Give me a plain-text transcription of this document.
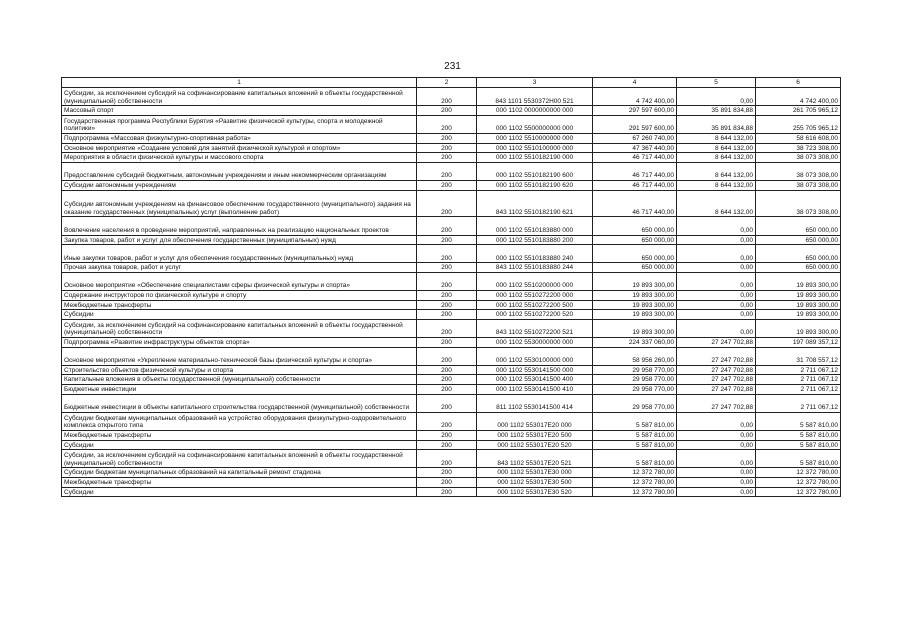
231
1	2	3	4	5	6
Субсидии, за исключением субсидий на софинансирование капитальных вложений в объекты государственной (муниципальной) собственности	200	843 1101 5530372Н00 521	4 742 400,00	0,00	4 742 400,00
Массовый спорт	200	000 1102 0000000000 000	297 597 600,00	35 891 834,88	261 705 965,12
Государственная программа Республики Бурятия «Развитие физической культуры, спорта и молодежной политики»	200	000 1102 5500000000 000	291 597 600,00	35 891 834,88	255 705 965,12
Подпрограмма «Массовая физкультурно-спортивная работа»	200	000 1102 5510000000 000	67 260 740,00	8 644 132,00	58 616 608,00
Основное мероприятие «Создание условий для занятий физической культурой и спортом»	200	000 1102 5510100000 000	47 367 440,00	8 644 132,00	38 723 308,00
Мероприятия в области физической культуры и массового спорта	200	000 1102 5510182190 000	46 717 440,00	8 644 132,00	38 073 308,00
Предоставление субсидий бюджетным, автономным учреждениям и иным некоммерческим организациям	200	000 1102 5510182190 600	46 717 440,00	8 644 132,00	38 073 308,00
Субсидии автономным учреждениям	200	000 1102 5510182190 620	46 717 440,00	8 644 132,00	38 073 308,00
Субсидии автономным учреждениям на финансовое обеспечение государственного (муниципального) задания на оказание государственных (муниципальных) услуг (выполнение работ)	200	843 1102 5510182190 621	46 717 440,00	8 644 132,00	38 073 308,00
Вовлечение населения в проведение мероприятий, направленных на реализацию национальных проектов	200	000 1102 5510183880 000	650 000,00	0,00	650 000,00
Закупка товаров, работ и услуг для обеспечения государственных (муниципальных) нужд	200	000 1102 5510183880 200	650 000,00	0,00	650 000,00
Иные закупки товаров, работ и услуг для обеспечения государственных (муниципальных) нужд	200	000 1102 5510183880 240	650 000,00	0,00	650 000,00
Прочая закупка товаров, работ и услуг	200	843 1102 5510183880 244	650 000,00	0,00	650 000,00
Основное мероприятие «Обеспечение специалистами сферы физической культуры и спорта»	200	000 1102 5510200000 000	19 893 300,00	0,00	19 893 300,00
Содержание инструкторов по физической культуре и спорту	200	000 1102 5510272200 000	19 893 300,00	0,00	19 893 300,00
Межбюджетные трансферты	200	000 1102 5510272200 500	19 893 300,00	0,00	19 893 300,00
Субсидии	200	000 1102 5510272200 520	19 893 300,00	0,00	19 893 300,00
Субсидии, за исключением субсидий на софинансирование капитальных вложений в объекты государственной (муниципальной) собственности	200	843 1102 5510272200 521	19 893 300,00	0,00	19 893 300,00
Подпрограмма «Развитие инфраструктуры объектов спорта»	200	000 1102 5530000000 000	224 337 060,00	27 247 702,88	197 089 357,12
Основное мероприятие «Укрепление материально-технической базы физической культуры и спорта»	200	000 1102 5530100000 000	58 956 260,00	27 247 702,88	31 708 557,12
Строительство объектов физической культуры и спорта	200	000 1102 5530141500 000	29 958 770,00	27 247 702,88	2 711 067,12
Капитальные вложения в объекты государственной (муниципальной) собственности	200	000 1102 5530141500 400	29 958 770,00	27 247 702,88	2 711 067,12
Бюджетные инвестиции	200	000 1102 5530141500 410	29 958 770,00	27 247 702,88	2 711 067,12
Бюджетные инвестиции в объекты капитального строительства государственной (муниципальной) собственности	200	811 1102 5530141500 414	29 958 770,00	27 247 702,88	2 711 067,12
Субсидии бюджетам муниципальных образований на устройство оборудования физкультурно-оздоровительного комплекса открытого типа	200	000 1102 553017Е20 000	5 587 810,00	0,00	5 587 810,00
Межбюджетные трансферты	200	000 1102 553017Е20 500	5 587 810,00	0,00	5 587 810,00
Субсидии	200	000 1102 553017Е20 520	5 587 810,00	0,00	5 587 810,00
Субсидии, за исключением субсидий на софинансирование капитальных вложений в объекты государственной (муниципальной) собственности	200	843 1102 553017Е20 521	5 587 810,00	0,00	5 587 810,00
Субсидии бюджетам муниципальных образований на капитальный ремонт стадиона	200	000 1102 553017Е30 000	12 372 780,00	0,00	12 372 780,00
Межбюджетные трансферты	200	000 1102 553017Е30 500	12 372 780,00	0,00	12 372 780,00
Субсидии	200	000 1102 553017Е30 520	12 372 780,00	0,00	12 372 780,00
